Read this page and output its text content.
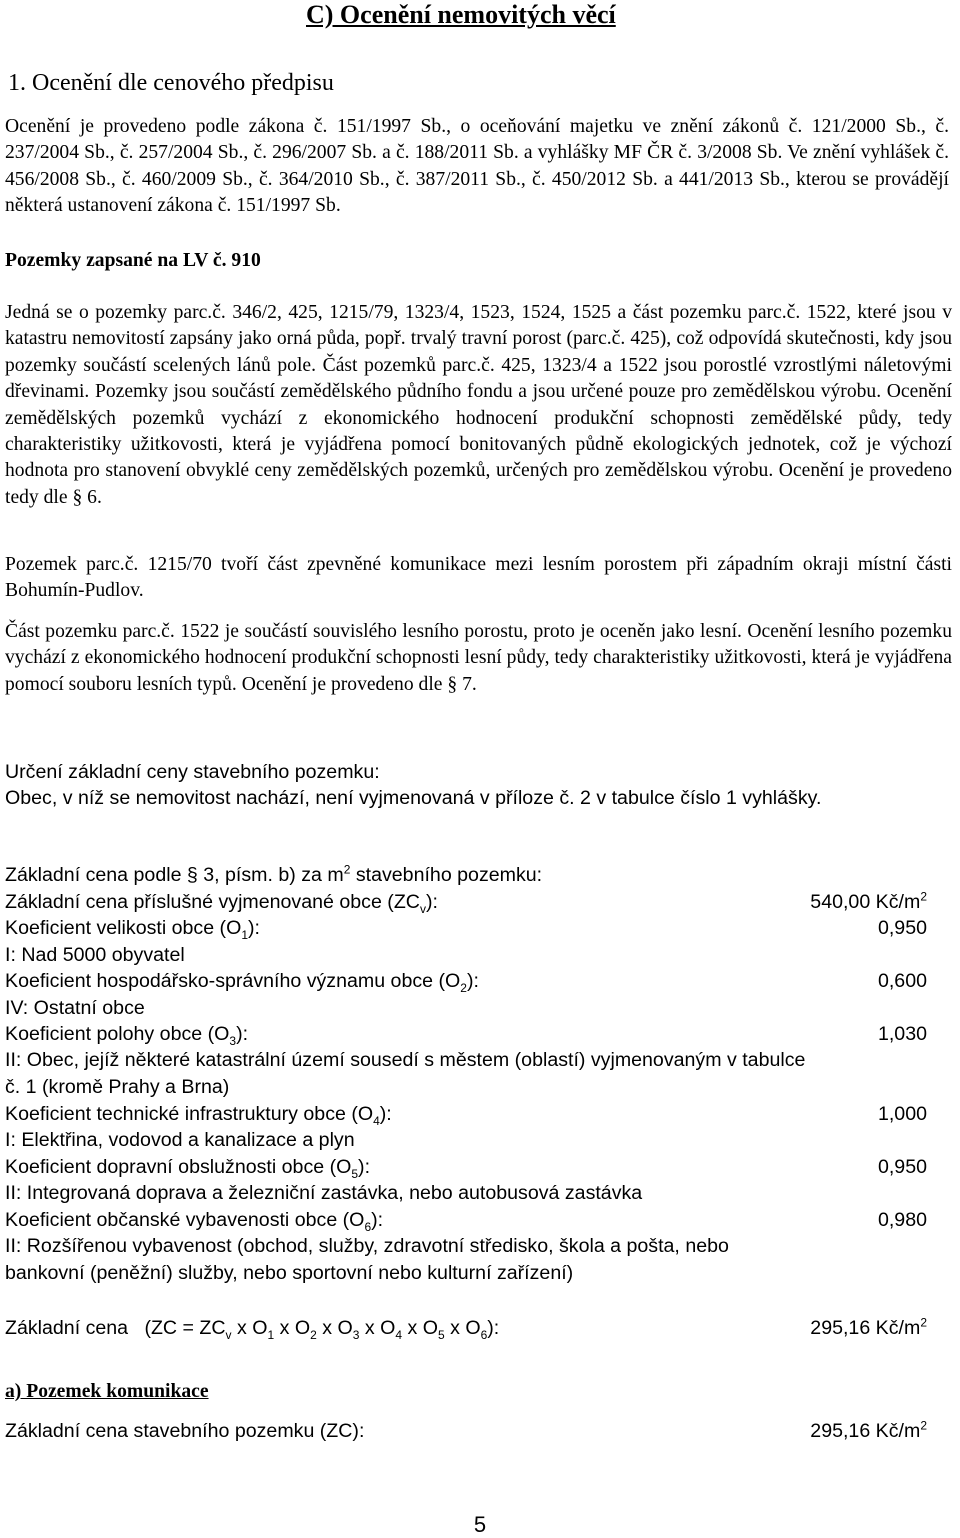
C) Ocenění nemovitých věcí
1. Ocenění dle cenového předpisu
Ocenění je provedeno podle zákona č. 151/1997 Sb., o oceňování majetku ve znění zákonů č. 121/2000 Sb., č. 237/2004 Sb., č. 257/2004 Sb., č. 296/2007 Sb. a č. 188/2011 Sb. a vyhlášky MF ČR č. 3/2008 Sb. Ve znění vyhlášek č. 456/2008 Sb., č. 460/2009 Sb., č. 364/2010 Sb., č. 387/2011 Sb., č. 450/2012 Sb. a 441/2013 Sb., kterou se provádějí některá ustanovení zákona č. 151/1997 Sb.
Pozemky zapsané na LV č. 910
Jedná se o pozemky parc.č. 346/2, 425, 1215/79, 1323/4, 1523, 1524, 1525 a část pozemku parc.č. 1522, které jsou v katastru nemovitostí zapsány jako orná půda, popř. trvalý travní porost (parc.č. 425), což odpovídá skutečnosti, kdy jsou pozemky součástí scelených lánů pole. Část pozemků parc.č. 425, 1323/4 a 1522 jsou porostlé vzrostlými náletovými dřevinami. Pozemky jsou součástí zemědělského půdního fondu a jsou určené pouze pro zemědělskou výrobu. Ocenění zemědělských pozemků vychází z ekonomického hodnocení produkční schopnosti zemědělské půdy, tedy charakteristiky užitkovosti, která je vyjádřena pomocí bonitovaných půdně ekologických jednotek, což je výchozí hodnota pro stanovení obvyklé ceny zemědělských pozemků, určených pro zemědělskou výrobu. Ocenění je provedeno tedy dle § 6.
Pozemek parc.č. 1215/70 tvoří část zpevněné komunikace mezi lesním porostem při západním okraji místní části Bohumín-Pudlov.
Část pozemku parc.č. 1522 je součástí souvislého lesního porostu, proto je oceněn jako lesní. Ocenění lesního pozemku vychází z ekonomického hodnocení produkční schopnosti lesní půdy, tedy charakteristiky užitkovosti, která je vyjádřena pomocí souboru lesních typů. Ocenění je provedeno dle § 7.
Určení základní ceny stavebního pozemku:
Obec, v níž se nemovitost nachází, není vyjmenovaná v příloze č. 2 v tabulce číslo 1 vyhlášky.
Základní cena podle § 3, písm. b) za $m^2$ stavebního pozemku:
Základní cena příslušné vyjmenované obce $(ZC_v)$:	540,00 $Kč/m^2$
Koeficient velikosti obce $(O_1)$:	0,950
I: Nad 5000 obyvatel
Koeficient hospodářsko-správního významu obce $(O_2)$:	0,600
IV: Ostatní obce
Koeficient polohy obce $(O_3)$:	1,030
II: Obec, jejíž některé katastrální území sousedí s městem (oblastí) vyjmenovaným v tabulce
č. 1 (kromě Prahy a Brna)
Koeficient technické infrastruktury obce $(O_4)$:	1,000
I: Elektřina, vodovod a kanalizace a plyn
Koeficient dopravní obslužnosti obce $(O_5)$:	0,950
II: Integrovaná doprava a železniční zastávka, nebo autobusová zastávka
Koeficient občanské vybavenosti obce $(O_6)$:	0,980
II: Rozšířenou vybavenost (obchod, služby, zdravotní středisko, škola a pošta, nebo
bankovní (peněžní) služby, nebo sportovní nebo kulturní zařízení)
Základní cena ($ZC = ZC_v$ x $O_1$ x $O_2$ x $O_3$ x $O_4$ x $O_5$ x $O_6$):	295,16 $Kč/m^2$
a) Pozemek komunikace
Základní cena stavebního pozemku (ZC):	295,16 $Kč/m^2$
5
